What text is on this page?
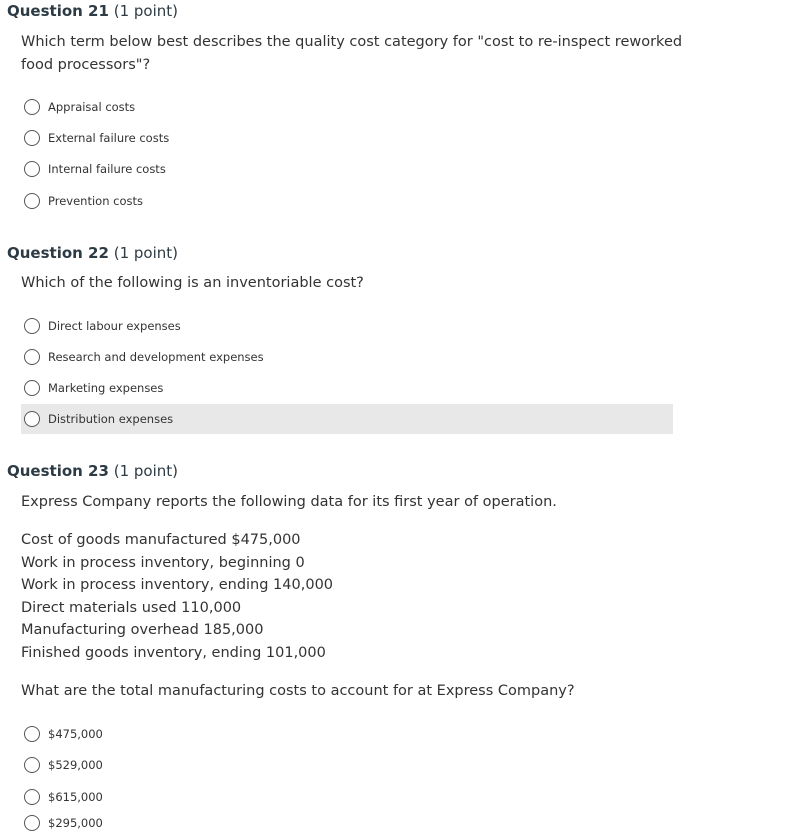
Question 21 (1 point)
Which term below best describes the quality cost category for "cost to re-inspect reworked
food processors"?
Appraisal costs
External failure costs
Internal failure costs
Prevention costs
Question 22 (1 point)
Which of the following is an inventoriable cost?
Direct labour expenses
Research and development expenses
Marketing expenses
Distribution expenses
Question 23 (1 point)
Express Company reports the following data for its first year of operation.
Cost of goods manufactured $475,000
Work in process inventory, beginning 0
Work in process inventory, ending 140,000
Direct materials used 110,000
Manufacturing overhead 185,000
Finished goods inventory, ending 101,000
What are the total manufacturing costs to account for at Express Company?
$475,000
$529,000
$615,000
$295,000
